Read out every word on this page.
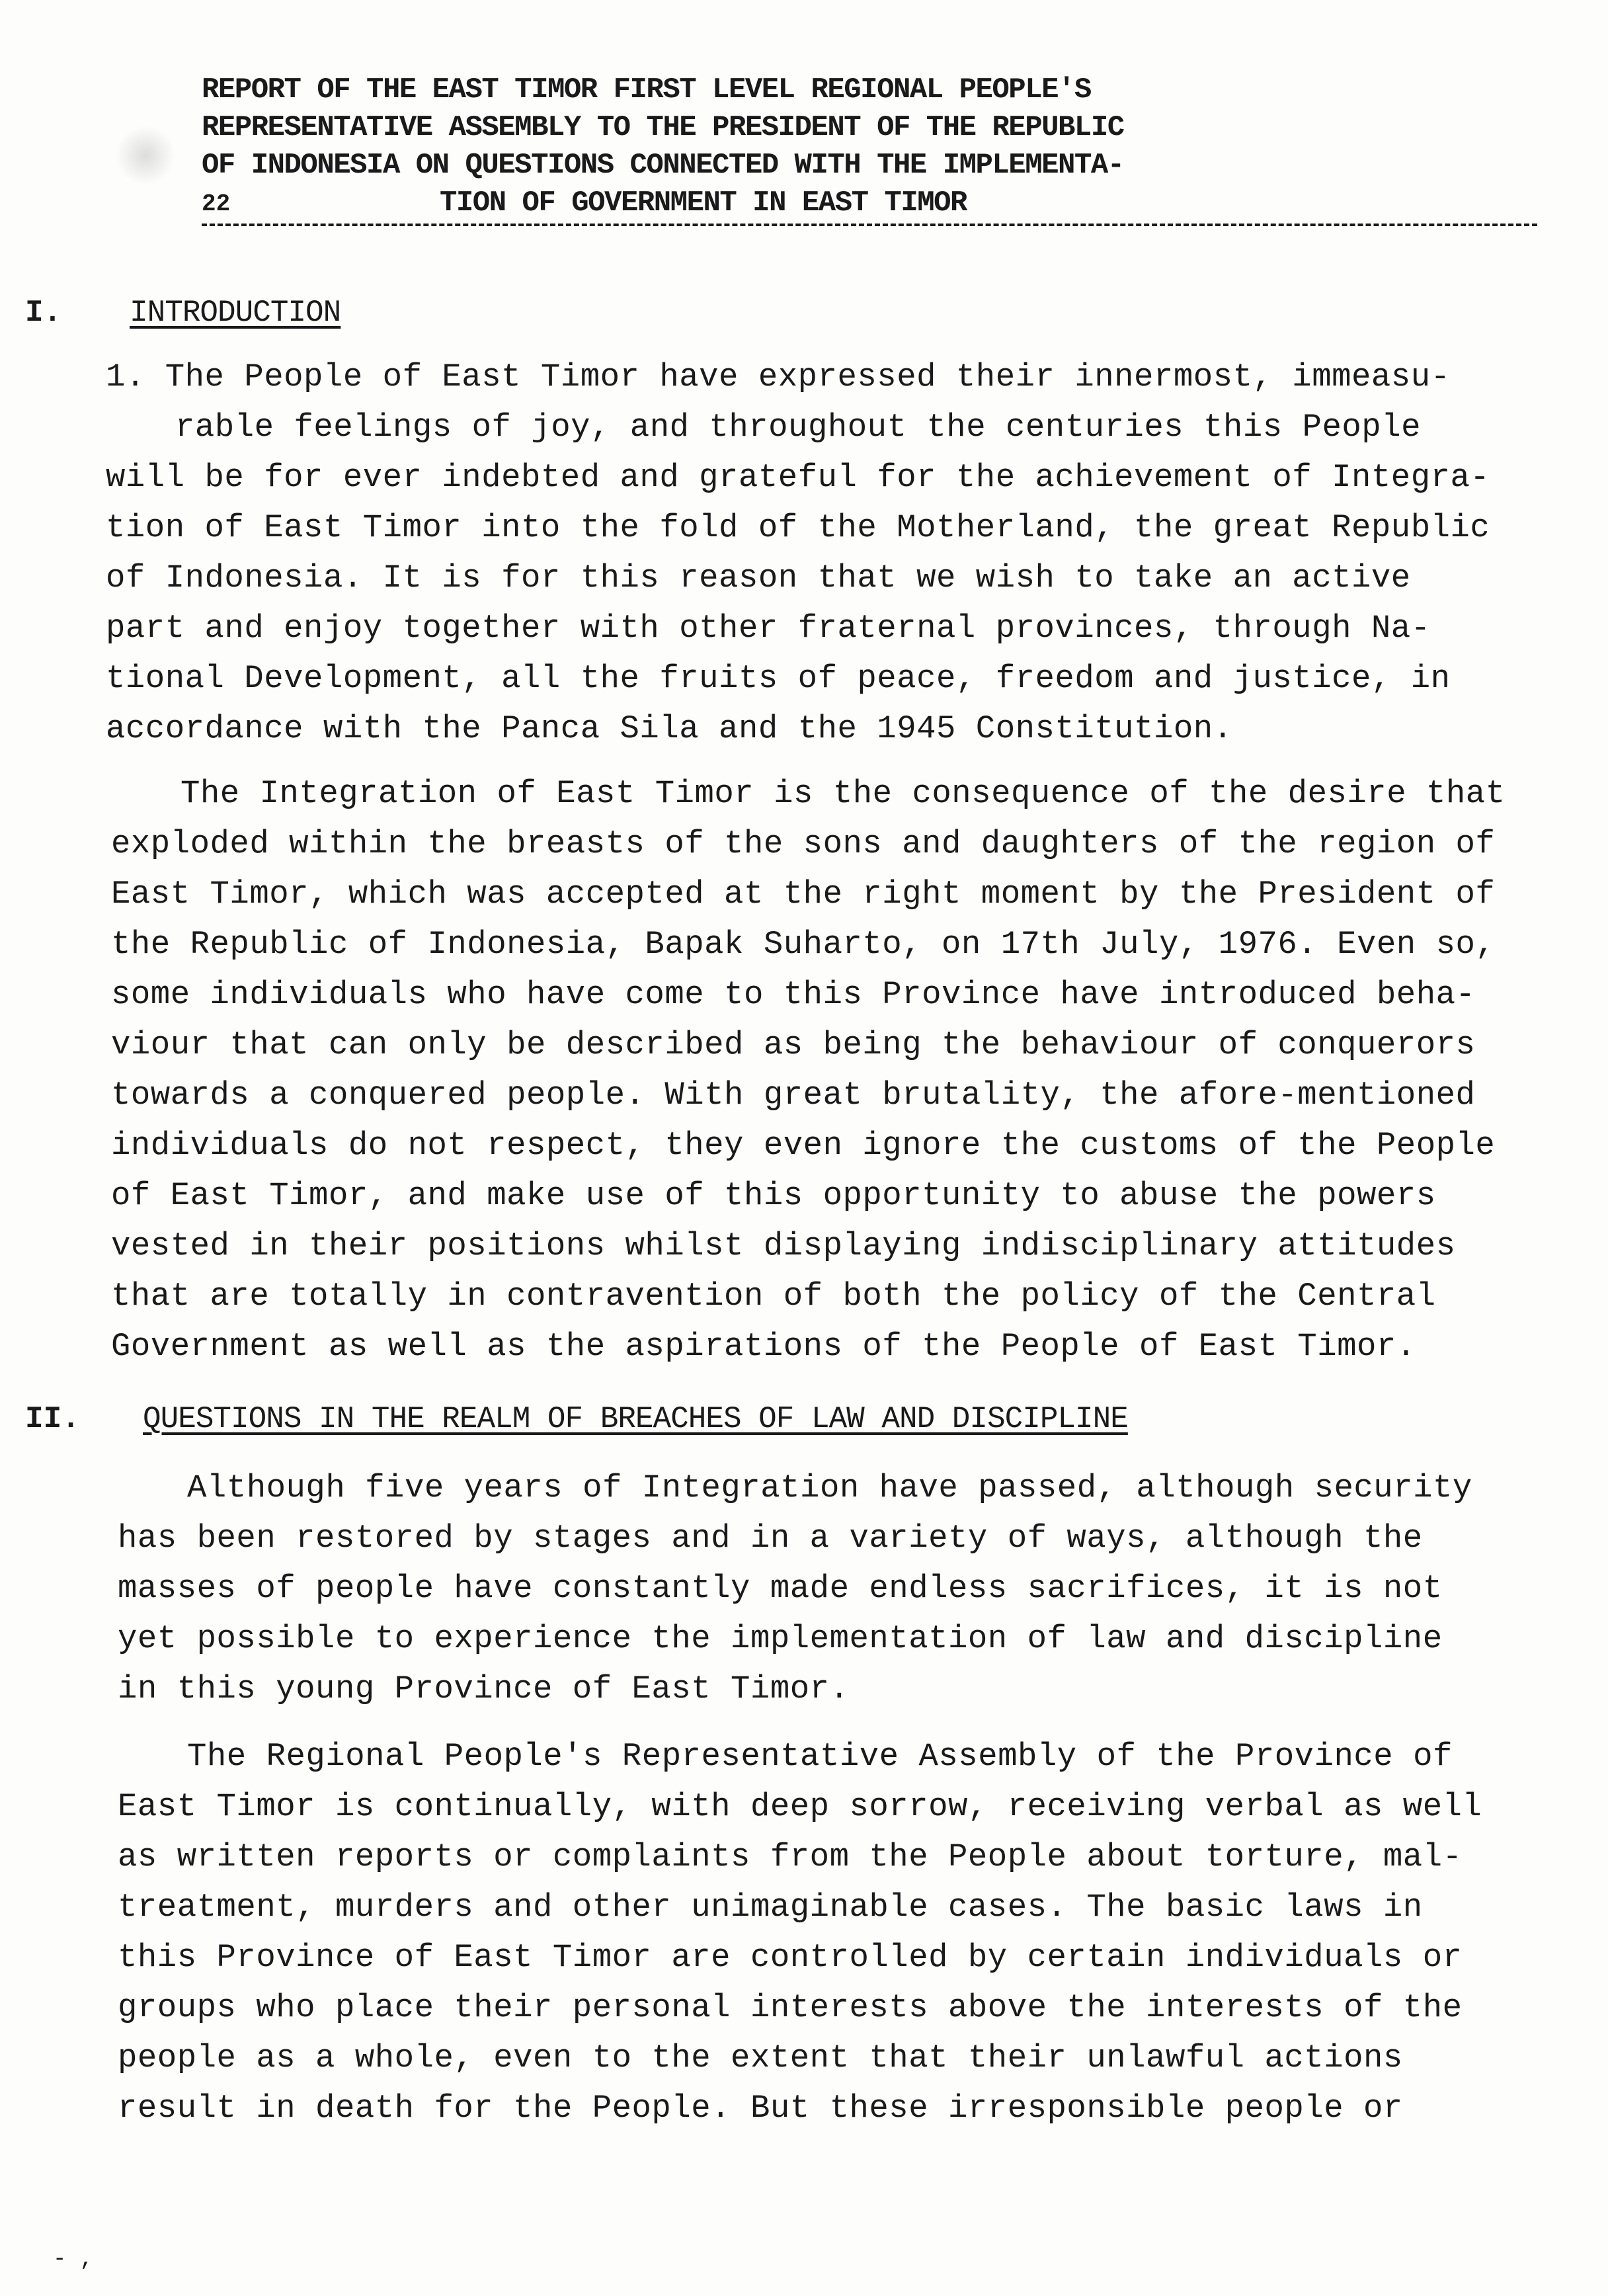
REPORT OF THE EAST TIMOR FIRST LEVEL REGIONAL PEOPLE'S
REPRESENTATIVE ASSEMBLY TO THE PRESIDENT OF THE REPUBLIC
OF INDONESIA ON QUESTIONS CONNECTED WITH THE IMPLEMENTA-
TION OF GOVERNMENT IN EAST TIMOR
22
I. INTRODUCTION
1. The People of East Timor have expressed their innermost, immeasu-
rable feelings of joy, and throughout the centuries this People
will be for ever indebted and grateful for the achievement of Integra-
tion of East Timor into the fold of the Motherland, the great Republic
of Indonesia. It is for this reason that we wish to take an active
part and enjoy together with other fraternal provinces, through Na-
tional Development, all the fruits of peace, freedom and justice, in
accordance with the Panca Sila and the 1945 Constitution.
The Integration of East Timor is the consequence of the desire that
exploded within the breasts of the sons and daughters of the region of
East Timor, which was accepted at the right moment by the President of
the Republic of Indonesia, Bapak Suharto, on 17th July, 1976. Even so,
some individuals who have come to this Province have introduced beha-
viour that can only be described as being the behaviour of conquerors
towards a conquered people. With great brutality, the afore-mentioned
individuals do not respect, they even ignore the customs of the People
of East Timor, and make use of this opportunity to abuse the powers
vested in their positions whilst displaying indisciplinary attitudes
that are totally in contravention of both the policy of the Central
Government as well as the aspirations of the People of East Timor.
II. QUESTIONS IN THE REALM OF BREACHES OF LAW AND DISCIPLINE
Although five years of Integration have passed, although security
has been restored by stages and in a variety of ways, although the
masses of people have constantly made endless sacrifices, it is not
yet possible to experience the implementation of law and discipline
in this young Province of East Timor.
The Regional People's Representative Assembly of the Province of
East Timor is continually, with deep sorrow, receiving verbal as well
as written reports or complaints from the People about torture, mal-
treatment, murders and other unimaginable cases. The basic laws in
this Province of East Timor are controlled by certain individuals or
groups who place their personal interests above the interests of the
people as a whole, even to the extent that their unlawful actions
result in death for the People. But these irresponsible people or
- ,
